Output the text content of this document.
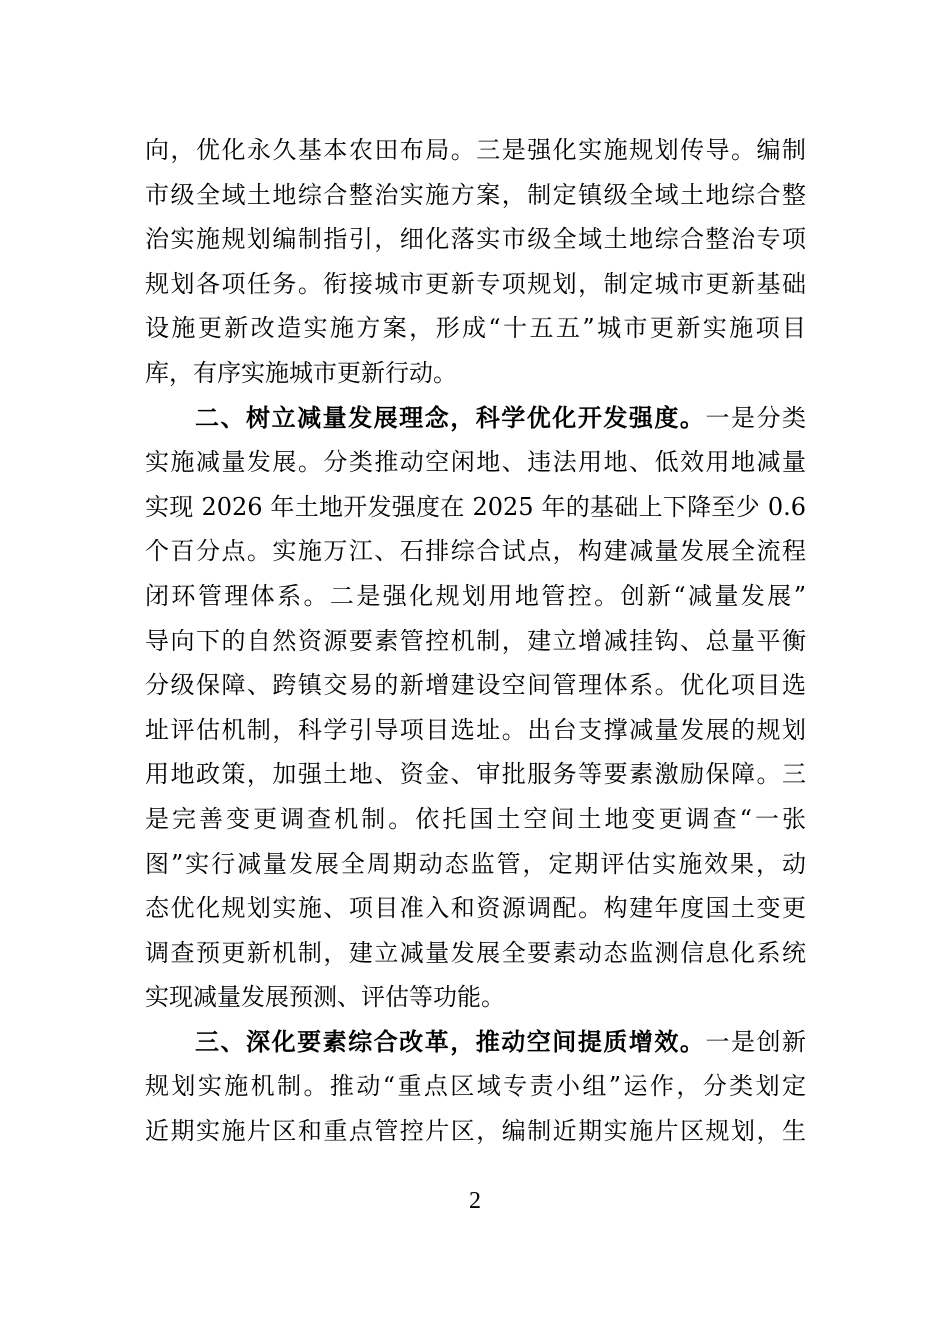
向，优化永久基本农田布局。三是强化实施规划传导。编制
市级全域土地综合整治实施方案，制定镇级全域土地综合整
治实施规划编制指引，细化落实市级全域土地综合整治专项
规划各项任务。衔接城市更新专项规划，制定城市更新基础
设施更新改造实施方案，形成“十五五”城市更新实施项目
库，有序实施城市更新行动。
二、树立减量发展理念，科学优化开发强度。一是分类
实施减量发展。分类推动空闲地、违法用地、低效用地减量
实现 2026 年土地开发强度在 2025 年的基础上下降至少 0.6
个百分点。实施万江、石排综合试点，构建减量发展全流程
闭环管理体系。二是强化规划用地管控。创新“减量发展”
导向下的自然资源要素管控机制，建立增减挂钩、总量平衡
分级保障、跨镇交易的新增建设空间管理体系。优化项目选
址评估机制，科学引导项目选址。出台支撑减量发展的规划
用地政策，加强土地、资金、审批服务等要素激励保障。三
是完善变更调查机制。依托国土空间土地变更调查“一张
图”实行减量发展全周期动态监管，定期评估实施效果，动
态优化规划实施、项目准入和资源调配。构建年度国土变更
调查预更新机制，建立减量发展全要素动态监测信息化系统
实现减量发展预测、评估等功能。
三、深化要素综合改革，推动空间提质增效。一是创新
规划实施机制。推动“重点区域专责小组”运作，分类划定
近期实施片区和重点管控片区，编制近期实施片区规划，生
2
